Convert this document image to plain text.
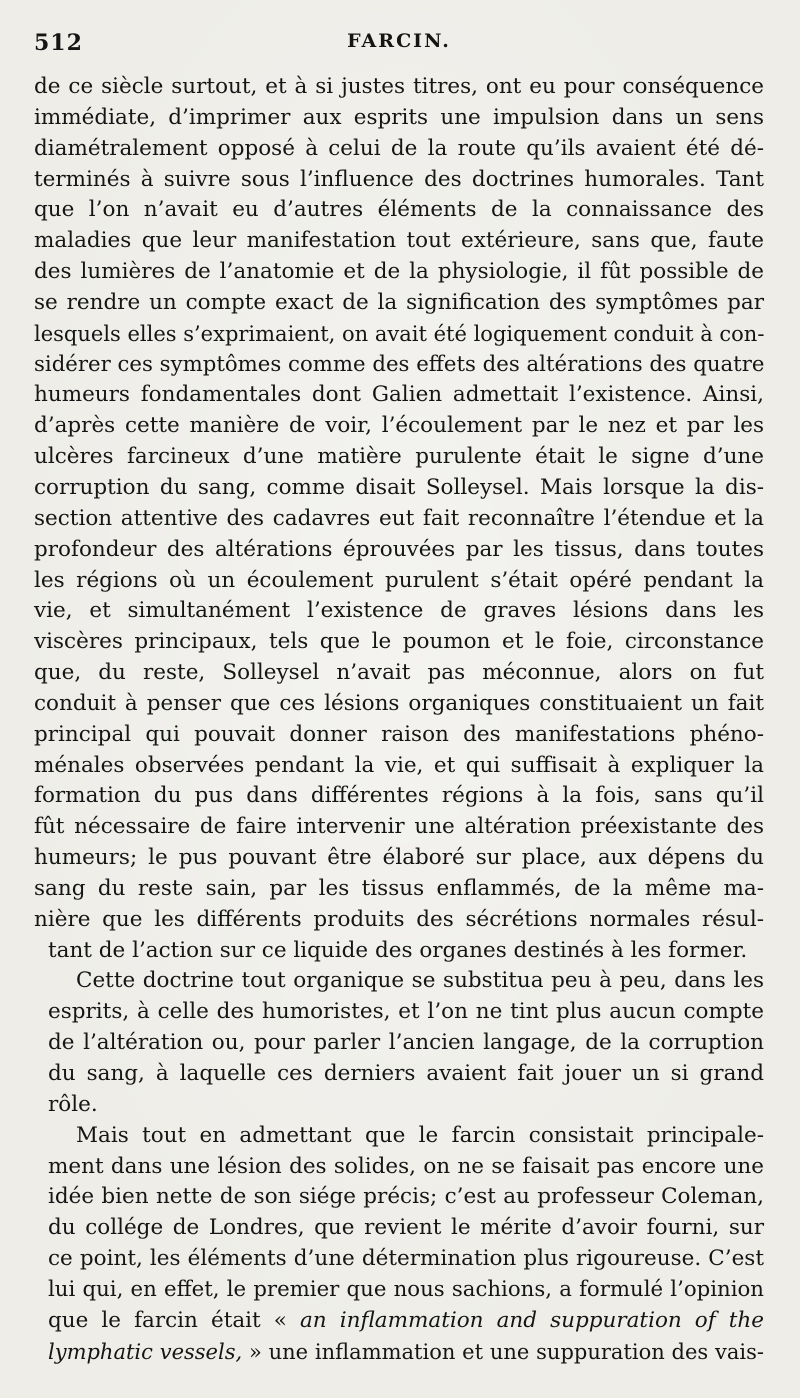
512	FARCIN.
de ce siècle surtout, et à si justes titres, ont eu pour conséquence
immédiate, d’imprimer aux esprits une impulsion dans un sens
diamétralement opposé à celui de la route qu’ils avaient été dé-
terminés à suivre sous l’influence des doctrines humorales. Tant
que l’on n’avait eu d’autres éléments de la connaissance des
maladies que leur manifestation tout extérieure, sans que, faute
des lumières de l’anatomie et de la physiologie, il fût possible de
se rendre un compte exact de la signification des symptômes par
lesquels elles s’exprimaient, on avait été logiquement conduit à con-
sidérer ces symptômes comme des effets des altérations des quatre
humeurs fondamentales dont Galien admettait l’existence. Ainsi,
d’après cette manière de voir, l’écoulement par le nez et par les
ulcères farcineux d’une matière purulente était le signe d’une
corruption du sang, comme disait Solleysel. Mais lorsque la dis-
section attentive des cadavres eut fait reconnaître l’étendue et la
profondeur des altérations éprouvées par les tissus, dans toutes
les régions où un écoulement purulent s’était opéré pendant la
vie, et simultanément l’existence de graves lésions dans les
viscères principaux, tels que le poumon et le foie, circonstance
que, du reste, Solleysel n’avait pas méconnue, alors on fut
conduit à penser que ces lésions organiques constituaient un fait
principal qui pouvait donner raison des manifestations phéno-
ménales observées pendant la vie, et qui suffisait à expliquer la
formation du pus dans différentes régions à la fois, sans qu’il
fût nécessaire de faire intervenir une altération préexistante des
humeurs; le pus pouvant être élaboré sur place, aux dépens du
sang du reste sain, par les tissus enflammés, de la même ma-
nière que les différents produits des sécrétions normales résul-
tant de l’action sur ce liquide des organes destinés à les former.
Cette doctrine tout organique se substitua peu à peu, dans les
esprits, à celle des humoristes, et l’on ne tint plus aucun compte
de l’altération ou, pour parler l’ancien langage, de la corruption
du sang, à laquelle ces derniers avaient fait jouer un si grand
rôle.
Mais tout en admettant que le farcin consistait principale-
ment dans une lésion des solides, on ne se faisait pas encore une
idée bien nette de son siége précis; c’est au professeur Coleman,
du collége de Londres, que revient le mérite d’avoir fourni, sur
ce point, les éléments d’une détermination plus rigoureuse. C’est
lui qui, en effet, le premier que nous sachions, a formulé l’opinion
que le farcin était « an inflammation and suppuration of the
lymphatic vessels, » une inflammation et une suppuration des vais-
